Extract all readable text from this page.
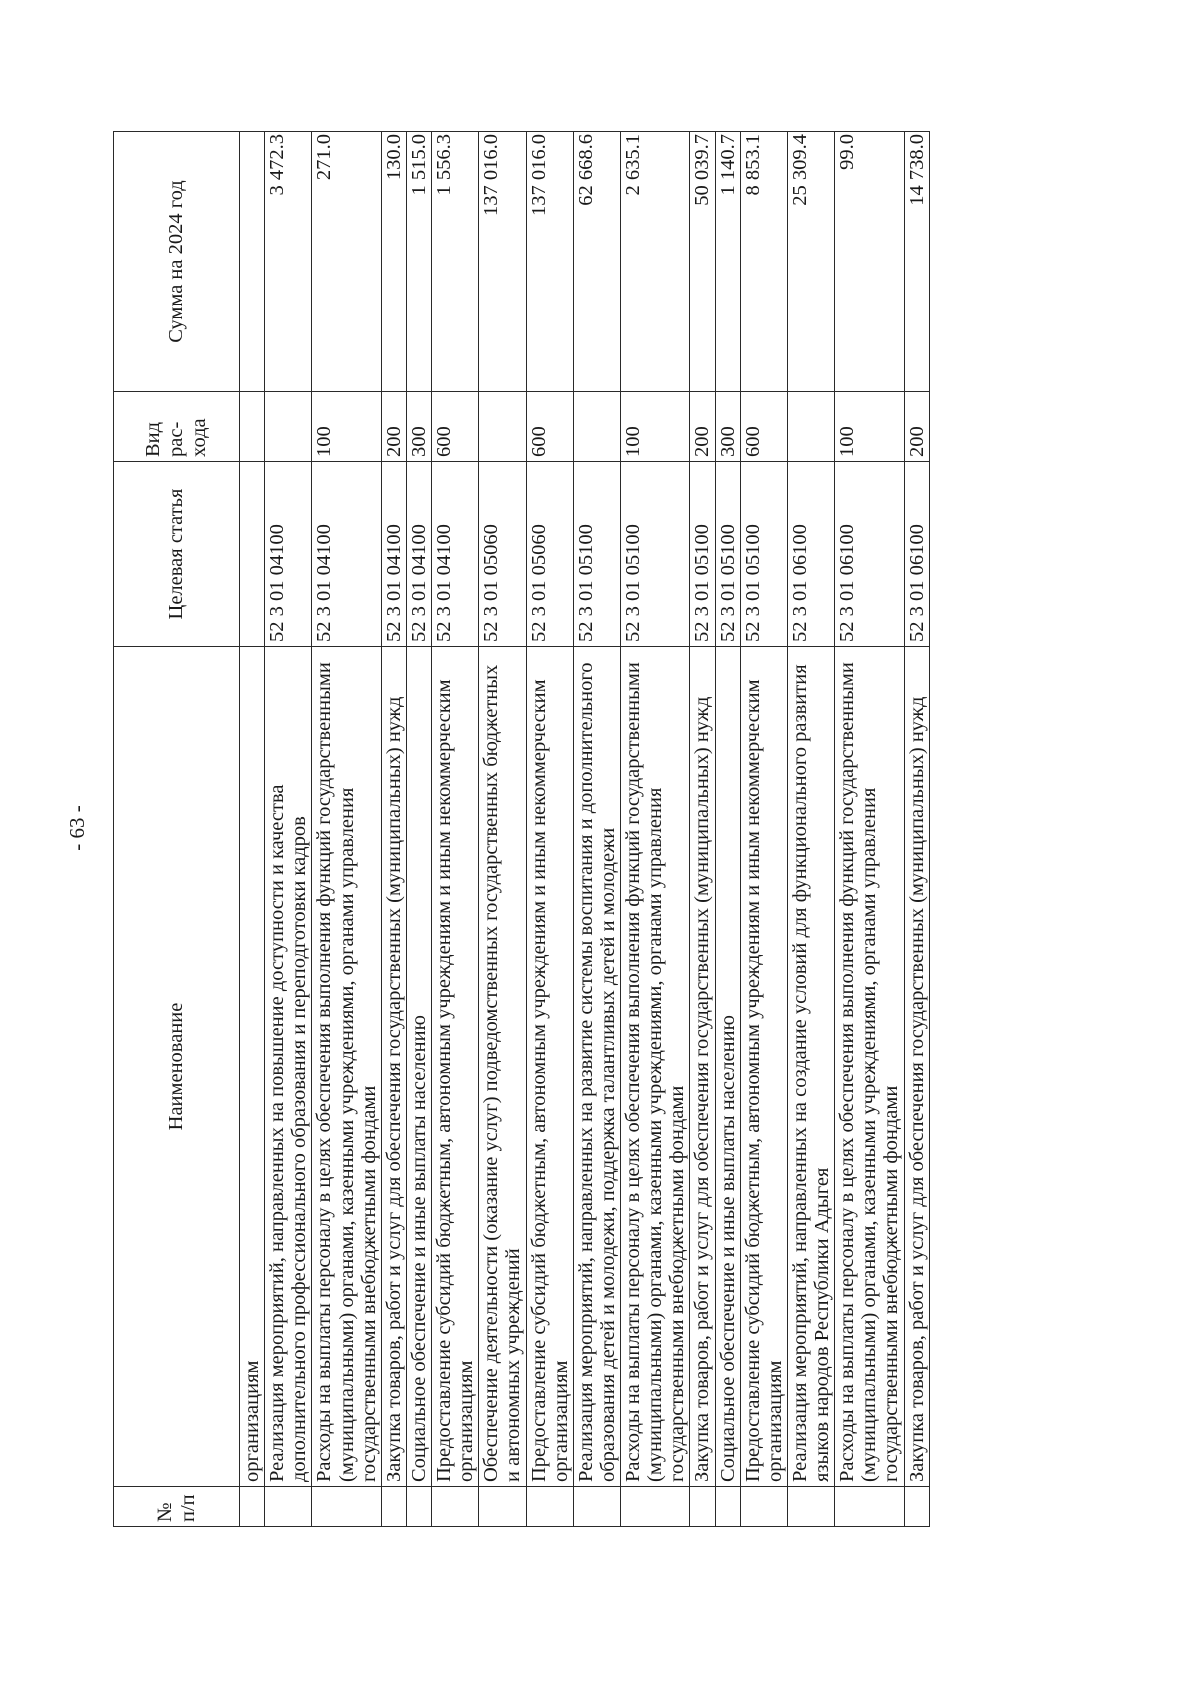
- 63 -
№ п/п	Наименование	Целевая статья	Вид рас- хода	Сумма на 2024 год
	организациям			
	Реализация мероприятий, направленных на повышение доступности и качества дополнительного профессионального образования и переподготовки кадров	52 3 01 04100		3 472.3
	Расходы на выплаты персоналу в целях обеспечения выполнения функций государственными (муниципальными) органами, казенными учреждениями, органами управления государственными внебюджетными фондами	52 3 01 04100	100	271.0
	Закупка товаров, работ и услуг для обеспечения государственных (муниципальных) нужд	52 3 01 04100	200	130.0
	Социальное обеспечение и иные выплаты населению	52 3 01 04100	300	1 515.0
	Предоставление субсидий бюджетным, автономным учреждениям и иным некоммерческим организациям	52 3 01 04100	600	1 556.3
	Обеспечение деятельности (оказание услуг) подведомственных государственных бюджетных и автономных учреждений	52 3 01 05060		137 016.0
	Предоставление субсидий бюджетным, автономным учреждениям и иным некоммерческим организациям	52 3 01 05060	600	137 016.0
	Реализация мероприятий, направленных на развитие системы воспитания и дополнительного образования детей и молодежи, поддержка талантливых детей и молодежи	52 3 01 05100		62 668.6
	Расходы на выплаты персоналу в целях обеспечения выполнения функций государственными (муниципальными) органами, казенными учреждениями, органами управления государственными внебюджетными фондами	52 3 01 05100	100	2 635.1
	Закупка товаров, работ и услуг для обеспечения государственных (муниципальных) нужд	52 3 01 05100	200	50 039.7
	Социальное обеспечение и иные выплаты населению	52 3 01 05100	300	1 140.7
	Предоставление субсидий бюджетным, автономным учреждениям и иным некоммерческим организациям	52 3 01 05100	600	8 853.1
	Реализация мероприятий, направленных на создание условий для функционального развития языков народов Республики Адыгея	52 3 01 06100		25 309.4
	Расходы на выплаты персоналу в целях обеспечения выполнения функций государственными (муниципальными) органами, казенными учреждениями, органами управления государственными внебюджетными фондами	52 3 01 06100	100	99.0
	Закупка товаров, работ и услуг для обеспечения государственных (муниципальных) нужд	52 3 01 06100	200	14 738.0
